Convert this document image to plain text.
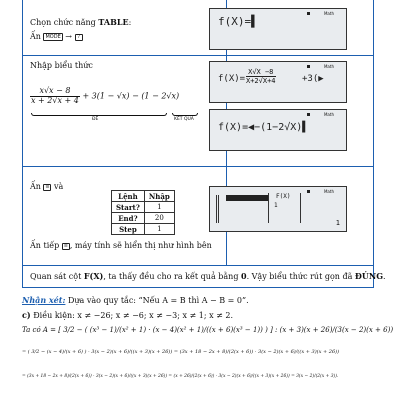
Chọn chức năng TABLE:
Ấn MODE → 7
Math
f(X)=▌
Nhập biểu thức
$\frac{x√x - 8}{x + 2√x + 4} + 3(1 - √x) - (1 - 2√x)$
ĐỀ	KẾT QUẢ
Math
f(X)=
X√X −8
X+2√X+4	+3(▶
Math
f(X)=◀−(1−2√X)▌
Ấn ≡ và
Lệnh	Nhập
Start?	1
End?	20
Step	1
Ấn tiếp ≡ , máy tính sẽ hiển thị như hình bên
Math
F(X)
1
1
Quan sát cột F(X), ta thấy đều cho ra kết quả bằng 0. Vậy biểu thức rút gọn đã ĐÚNG.
Nhận xét: Dựa vào quy tắc: “Nếu A = B thì A − B = 0”.
c) Điều kiện: x ≠ −26; x ≠ −6; x ≠ −3; x ≠ 1; x ≠ 2.
Ta có A = [ 3/2 − ( (x³ − 1)/(x² + 1) · (x − 4)(x² + 1)/((x + 6)(x³ − 1)) ) ] : (x + 3)(x + 26)/(3(x − 2)(x + 6))
= ( 3/2 − (x − 4)/(x + 6) ) · 3(x − 2)(x + 6)/((x + 3)(x + 26)) = (3x + 18 − 2x + 8)/(2(x + 6)) · 3(x − 2)(x + 6)/((x + 3)(x + 26))
= (3x + 18 − 2x + 8)/(2(x + 6)) · 3(x − 2)(x + 6)/((x + 3)(x + 26)) = (x + 26)/(2(x + 6)) · 3(x − 2)(x + 6)/((x + 3)(x + 26)) = 3(x − 2)/(2(x + 3)).
